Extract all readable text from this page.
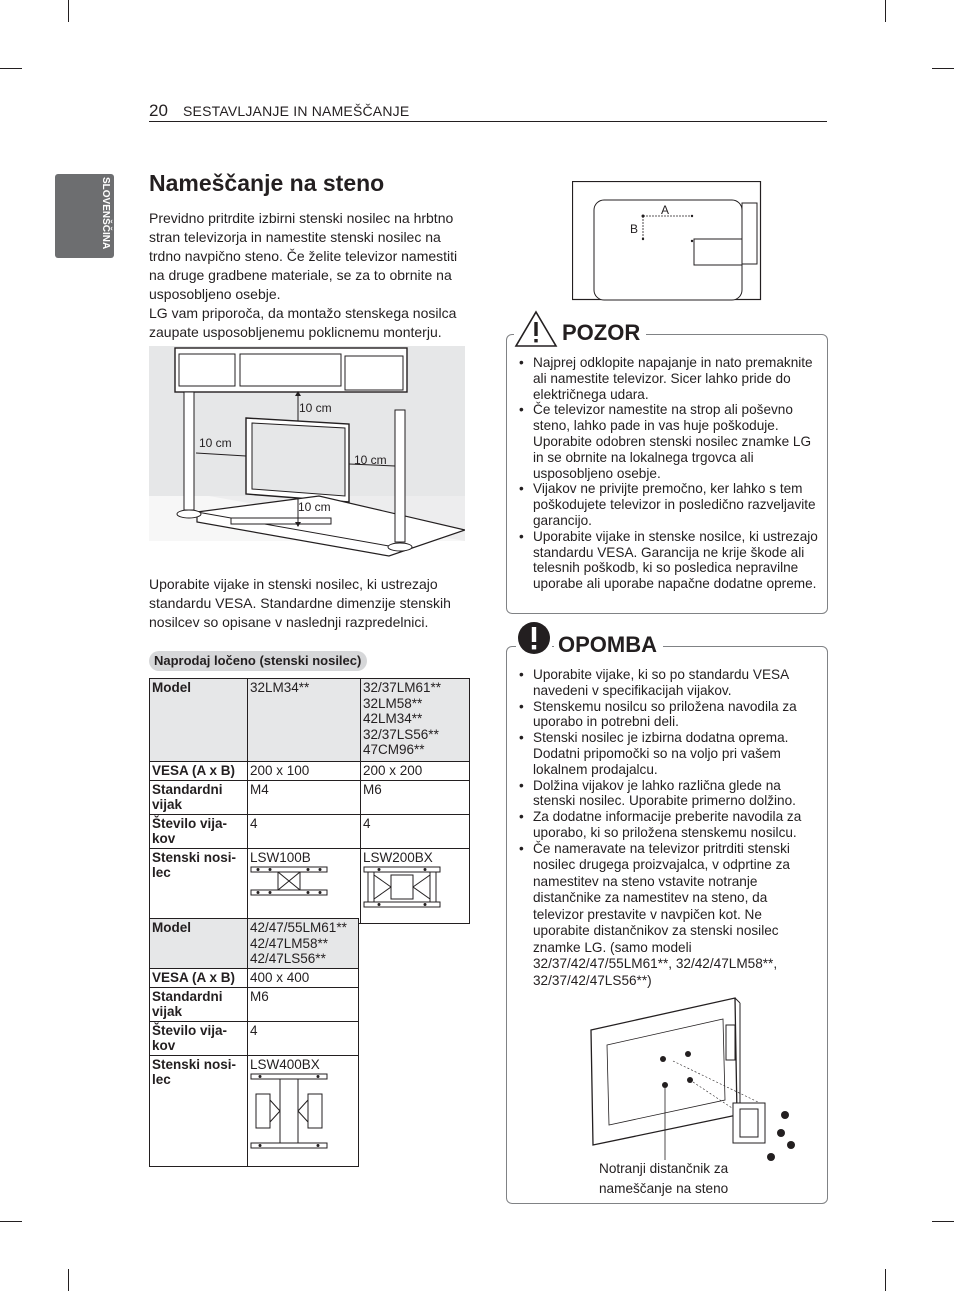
20 SESTAVLJANJE IN NAMEŠČANJE
SLOVENŠČINA Nameščanje na steno
Previdno pritrdite izbirni stenski nosilec na hrbtno stran televizorja in namestite stenski nosilec na trdno navpično steno. Če želite televizor namestiti na druge gradbene materiale, se za to obrnite na usposobljeno osebje.
LG vam priporoča, da montažo stenskega nosilca zaupate usposobljenemu poklicnemu monterju.
10 cm
10 cm
10 cm
10 cm
Uporabite vijake in stenski nosilec, ki ustrezajo standardu VESA. Standardne dimenzije stenskih nosilcev so opisane v naslednji razpredelnici.
Naprodaj ločeno (stenski nosilec)
Model	32LM34**	32/37LM61**
32LM58**
42LM34**
32/37LS56**
47CM96**
VESA (A x B)	200 x 100	200 x 200
Standardni vijak	M4	M6
Število vija-kov	4	4
Stenski nosi-lec	LSW100B	LSW200BX
Model	42/47/55LM61**
42/47LM58**
42/47LS56**
VESA (A x B)	400 x 400
Standardni vijak	M6
Število vija-kov	4
Stenski nosi-lec	LSW400BX
A
B
POZOR
• Najprej odklopite napajanje in nato premaknite ali namestite televizor. Sicer lahko pride do električnega udara.
• Če televizor namestite na strop ali poševno steno, lahko pade in vas huje poškoduje. Uporabite odobren stenski nosilec znamke LG in se obrnite na lokalnega trgovca ali usposobljeno osebje.
• Vijakov ne privijte premočno, ker lahko s tem poškodujete televizor in posledično razveljavite garancijo.
• Uporabite vijake in stenske nosilce, ki ustrezajo standardu VESA. Garancija ne krije škode ali telesnih poškodb, ki so posledica nepravilne uporabe ali uporabe napačne dodatne opreme.
OPOMBA
• Uporabite vijake, ki so po standardu VESA navedeni v specifikacijah vijakov.
• Stenskemu nosilcu so priložena navodila za uporabo in potrebni deli.
• Stenski nosilec je izbirna dodatna oprema. Dodatni pripomočki so na voljo pri vašem lokalnem prodajalcu.
• Dolžina vijakov je lahko različna glede na stenski nosilec. Uporabite primerno dolžino.
• Za dodatne informacije preberite navodila za uporabo, ki so priložena stenskemu nosilcu.
• Če nameravate na televizor pritrditi stenski nosilec drugega proizvajalca, v odprtine za namestitev na steno vstavite notranje distančnike za namestitev na steno, da televizor prestavite v navpičen kot. Ne uporabite distančnikov za stenski nosilec znamke LG. (samo modeli 32/37/42/47/55LM61**, 32/42/47LM58**, 32/37/42/47LS56**)
Notranji distančnik za nameščanje na steno
